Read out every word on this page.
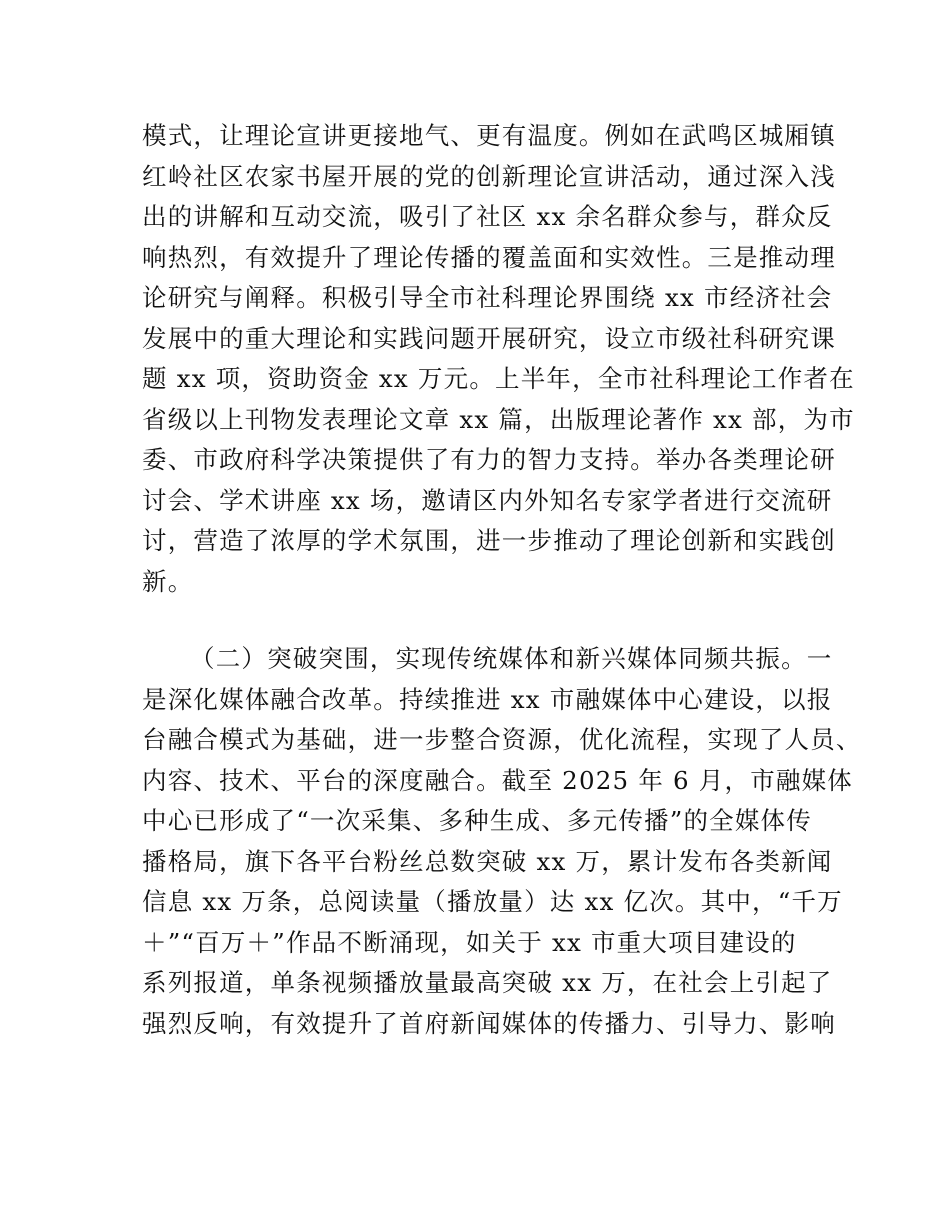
模式，让理论宣讲更接地气、更有温度。例如在武鸣区城厢镇
红岭社区农家书屋开展的党的创新理论宣讲活动，通过深入浅
出的讲解和互动交流，吸引了社区 xx 余名群众参与，群众反
响热烈，有效提升了理论传播的覆盖面和实效性。三是推动理
论研究与阐释。积极引导全市社科理论界围绕 xx 市经济社会
发展中的重大理论和实践问题开展研究，设立市级社科研究课
题 xx 项，资助资金 xx 万元。上半年，全市社科理论工作者在
省级以上刊物发表理论文章 xx 篇，出版理论著作 xx 部，为市
委、市政府科学决策提供了有力的智力支持。举办各类理论研
讨会、学术讲座 xx 场，邀请区内外知名专家学者进行交流研
讨，营造了浓厚的学术氛围，进一步推动了理论创新和实践创
新。
（二）突破突围，实现传统媒体和新兴媒体同频共振。一
是深化媒体融合改革。持续推进 xx 市融媒体中心建设，以报
台融合模式为基础，进一步整合资源，优化流程，实现了人员、
内容、技术、平台的深度融合。截至 2025 年 6 月，市融媒体
中心已形成了“一次采集、多种生成、多元传播”的全媒体传
播格局，旗下各平台粉丝总数突破 xx 万，累计发布各类新闻
信息 xx 万条，总阅读量（播放量）达 xx 亿次。其中，“千万
＋”“百万＋”作品不断涌现，如关于 xx 市重大项目建设的
系列报道，单条视频播放量最高突破 xx 万，在社会上引起了
强烈反响，有效提升了首府新闻媒体的传播力、引导力、影响
